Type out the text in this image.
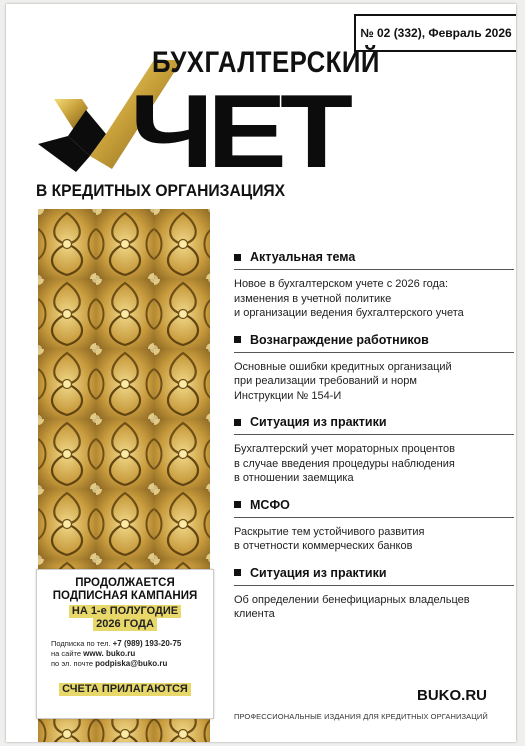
№ 02 (332), Февраль 2026
БУХГАЛТЕРСКИЙ
ЧЕТ
В КРЕДИТНЫХ ОРГАНИЗАЦИЯХ
Актуальная тема
Новое в бухгалтерском учете с 2026 года:
изменения в учетной политике
и организации ведения бухгалтерского учета
Вознаграждение работников
Основные ошибки кредитных организаций
при реализации требований и норм
Инструкции № 154-И
Ситуация из практики
Бухгалтерский учет мораторных процентов
в случае введения процедуры наблюдения
в отношении заемщика
МСФО
Раскрытие тем устойчивого развития
в отчетности коммерческих банков
Ситуация из практики
Об определении бенефициарных владельцев
клиента
ПРОДОЛЖАЕТСЯ
ПОДПИСНАЯ КАМПАНИЯ
НА 1-е ПОЛУГОДИЕ
2026 ГОДА
Подписка по тел. +7 (989) 193-20-75
на сайте www. buko.ru
по эл. почте podpiska@buko.ru
СЧЕТА ПРИЛАГАЮТСЯ	BUKO.RU
ПРОФЕССИОНАЛЬНЫЕ ИЗДАНИЯ ДЛЯ КРЕДИТНЫХ ОРГАНИЗАЦИЙ
